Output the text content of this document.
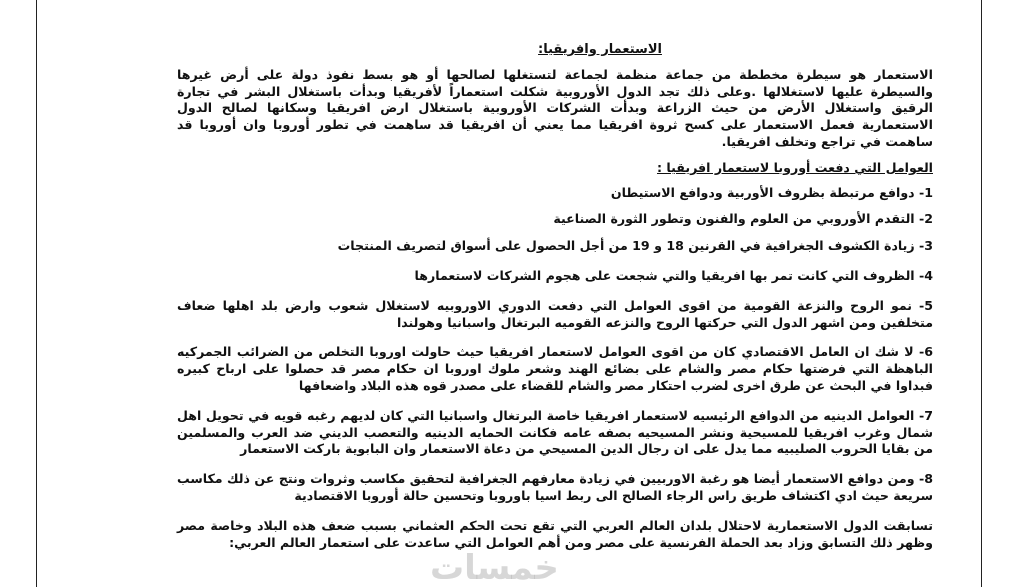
الاستعمار وافريقيا:

الاستعمار هو سيطرة مخططة من جماعة منظمة لجماعة لتستغلها لصالحها أو هو بسط نفوذ دولة على أرض غيرها والسيطرة عليها لاستغلالها .وعلى ذلك تجد الدول الأوروبية شكلت استعماراً لأفريقيا وبدأت باستغلال البشر في تجارة الرقيق واستغلال الأرض من حيث الزراعة وبدأت الشركات الأوروبية باستغلال ارض افريقيا وسكانها لصالح الدول الاستعمارية فعمل الاستعمار على كسح ثروة افريقيا مما يعني أن افريقيا قد ساهمت في تطور أوروبا وان أوروبا قد ساهمت في تراجع وتخلف افريقيا.

العوامل التي دفعت أوروبا لاستعمار افريقيا :

1- دوافع مرتبطة بظروف الأوربية ودوافع الاستيطان

2- التقدم الأوروبي من العلوم والفنون وتطور الثورة الصناعية

3- زيادة الكشوف الجغرافية في القرنين 18 و 19 من أجل الحصول على أسواق لتصريف المنتجات

4- الظروف التي كانت تمر بها افريقيا والتي شجعت على هجوم الشركات لاستعمارها

5- نمو الروح والنزعة القومية من اقوى العوامل التي دفعت الدوري الاوروبيه لاستغلال شعوب وارض بلد اهلها ضعاف متخلفين ومن اشهر الدول التي حركتها الروح والنزعه القوميه البرتغال واسبانيا وهولندا

6- لا شك ان العامل الاقتصادي كان من اقوى العوامل لاستعمار افريقيا حيث حاولت اوروبا التخلص من الضرائب الجمركيه الباهظة التي فرضتها حكام مصر والشام على بضائع الهند وشعر ملوك اوروبا ان حكام مصر قد حصلوا على ارباح كبيره فبداوا في البحث عن طرق اخرى لضرب احتكار مصر والشام للقضاء على مصدر قوه هذه البلاد واضعافها

7- العوامل الدينيه من الدوافع الرئيسيه لاستعمار افريقيا خاصة البرتغال واسبانيا التي كان لديهم رغبه قويه في تحويل اهل شمال وغرب افريقيا للمسيحية ونشر المسيحيه بصفه عامه فكانت الحمايه الدينيه والتعصب الديني ضد العرب والمسلمين من بقايا الحروب الصليبيه مما يدل على ان رجال الدين المسيحي من دعاة الاستعمار وان البابوية باركت الاستعمار

8- ومن دوافع الاستعمار أيضا هو رغبة الاوربيين في زيادة معارفهم الجغرافية لتحقيق مكاسب وثروات ونتج عن ذلك مكاسب سريعة حيث ادي اكتشاف طريق راس الرجاء الصالح الى ربط اسيا باوروبا وتحسين حالة أوروبا الاقتصادية

تسابقت الدول الاستعمارية لاحتلال بلدان العالم العربي التي تقع تحت الحكم العثماني بسبب ضعف هذه البلاد وخاصة مصر وظهر ذلك التسابق وزاد بعد الحملة الفرنسية على مصر ومن أهم العوامل التي ساعدت على استعمار العالم العربي:

خمسات
